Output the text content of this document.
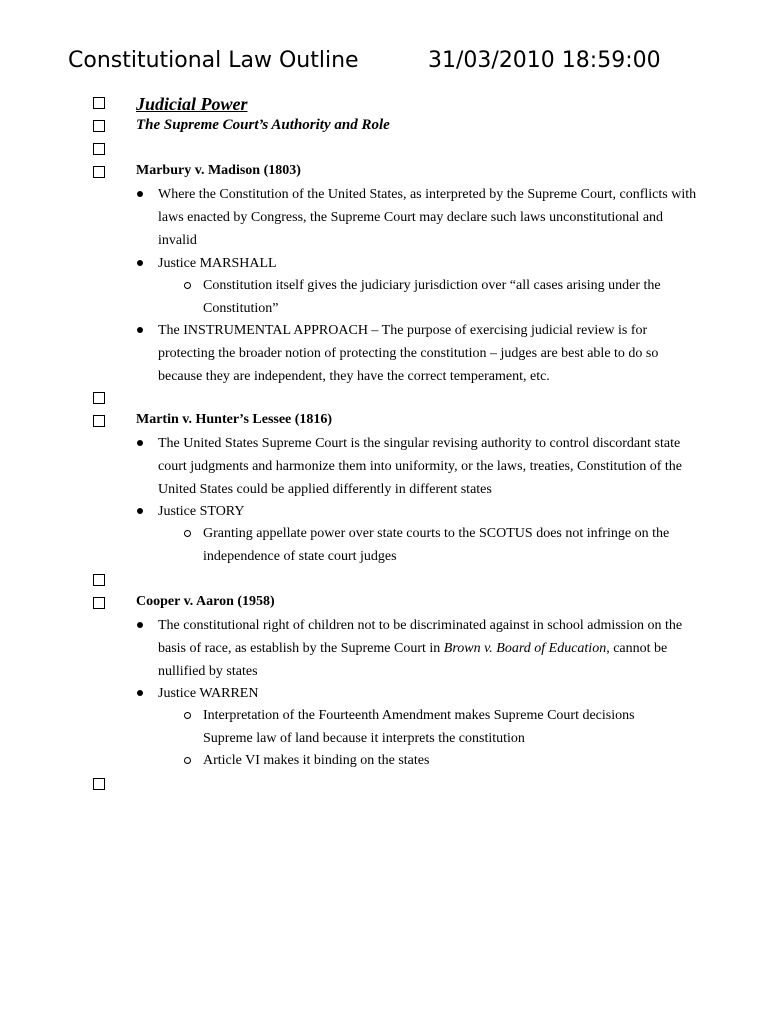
Constitutional Law Outline	31/03/2010 18:59:00
Judicial Power
The Supreme Court’s Authority and Role
Marbury v. Madison (1803)
Where the Constitution of the United States, as interpreted by the Supreme Court, conflicts with laws enacted by Congress, the Supreme Court may declare such laws unconstitutional and invalid
Justice MARSHALL
Constitution itself gives the judiciary jurisdiction over “all cases arising under the Constitution”
The INSTRUMENTAL APPROACH – The purpose of exercising judicial review is for protecting the broader notion of protecting the constitution – judges are best able to do so because they are independent, they have the correct temperament, etc.
Martin v. Hunter’s Lessee (1816)
The United States Supreme Court is the singular revising authority to control discordant state court judgments and harmonize them into uniformity, or the laws, treaties, Constitution of the United States could be applied differently in different states
Justice STORY
Granting appellate power over state courts to the SCOTUS does not infringe on the independence of state court judges
Cooper v. Aaron (1958)
The constitutional right of children not to be discriminated against in school admission on the basis of race, as establish by the Supreme Court in Brown v. Board of Education, cannot be nullified by states
Justice WARREN
Interpretation of the Fourteenth Amendment makes Supreme Court decisions Supreme law of land because it interprets the constitution
Article VI makes it binding on the states
